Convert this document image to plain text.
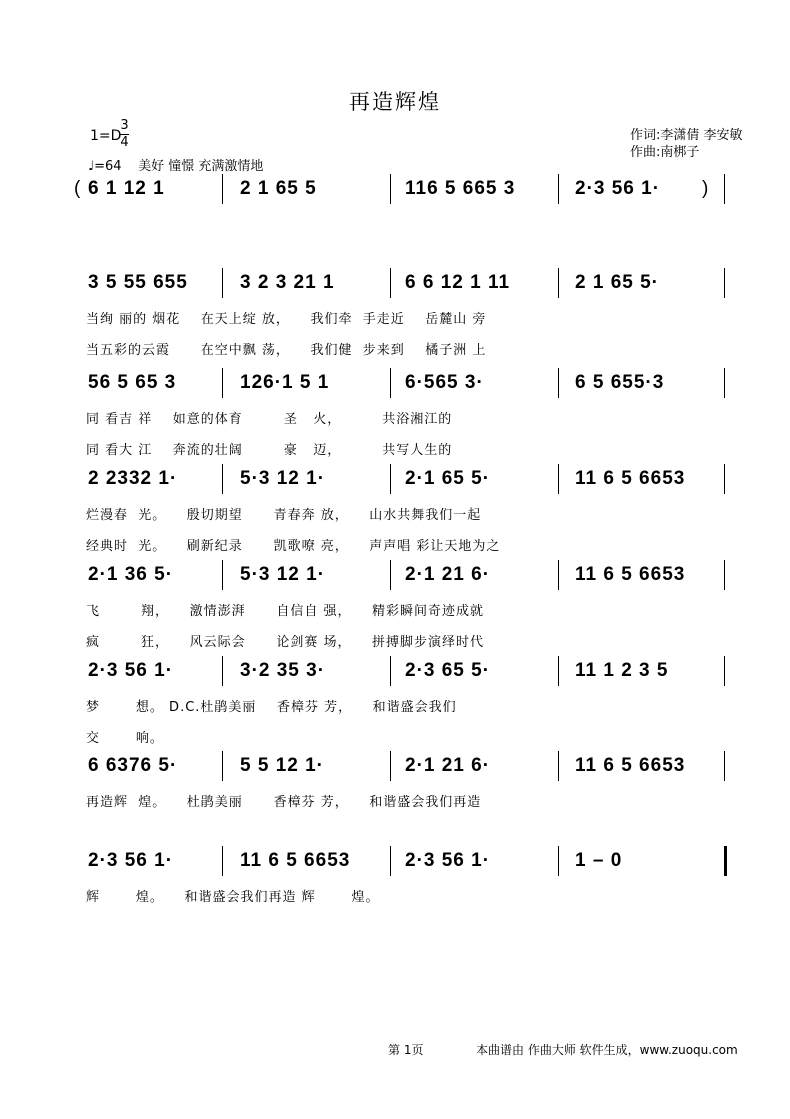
再造辉煌
1=D
3
4
♩=64 美好 憧憬 充满激情地
作词:李潇倩 李安敏
作曲:南梆子
6 1 12 1	2 1 65 5	116 5 665 3	2·3 56 1·
(	)
3 5 55 655	3 2 3 21 1	6 6 12 1 11	2 1 65 5·
当绚 丽的 烟花    在天上绽 放，    我们牵  手走近    岳麓山 旁
当五彩的云霞      在空中飘 荡，    我们健  步来到    橘子洲 上
56 5 65 3	126·1 5 1	6·565 3·	6 5 655·3
同 看吉 祥    如意的体育        圣   火，        共浴湘江的
同 看大 江    奔流的壮阔        豪   迈，        共写人生的
2 2332 1·	5·3 12 1·	2·1 65 5·	11 6 5 6653
烂漫春  光。    殷切期望      青春奔 放，    山水共舞我们一起
经典时  光。    刷新纪录      凯歌嘹 亮，    声声唱 彩让天地为之
2·1 36 5·	5·3 12 1·	2·1 21 6·	11 6 5 6653
飞        翔，    激情澎湃      自信自 强，    精彩瞬间奇迹成就
疯        狂，    风云际会      论剑赛 场，    拼搏脚步演绎时代
2·3 56 1·	3·2 35 3·	2·3 65 5·	11 1 2 3 5
梦       想。 D.C.杜鹃美丽    香樟芬 芳，    和谐盛会我们
交       响。
6 6376 5·	5 5 12 1·	2·1 21 6·	11 6 5 6653
再造辉  煌。    杜鹃美丽      香樟芬 芳，    和谐盛会我们再造
2·3 56 1·	11 6 5 6653	2·3 56 1·	1 – 0
辉       煌。    和谐盛会我们再造 辉       煌。
第 1页	本曲谱由 作曲大师 软件生成，www.zuoqu.com
